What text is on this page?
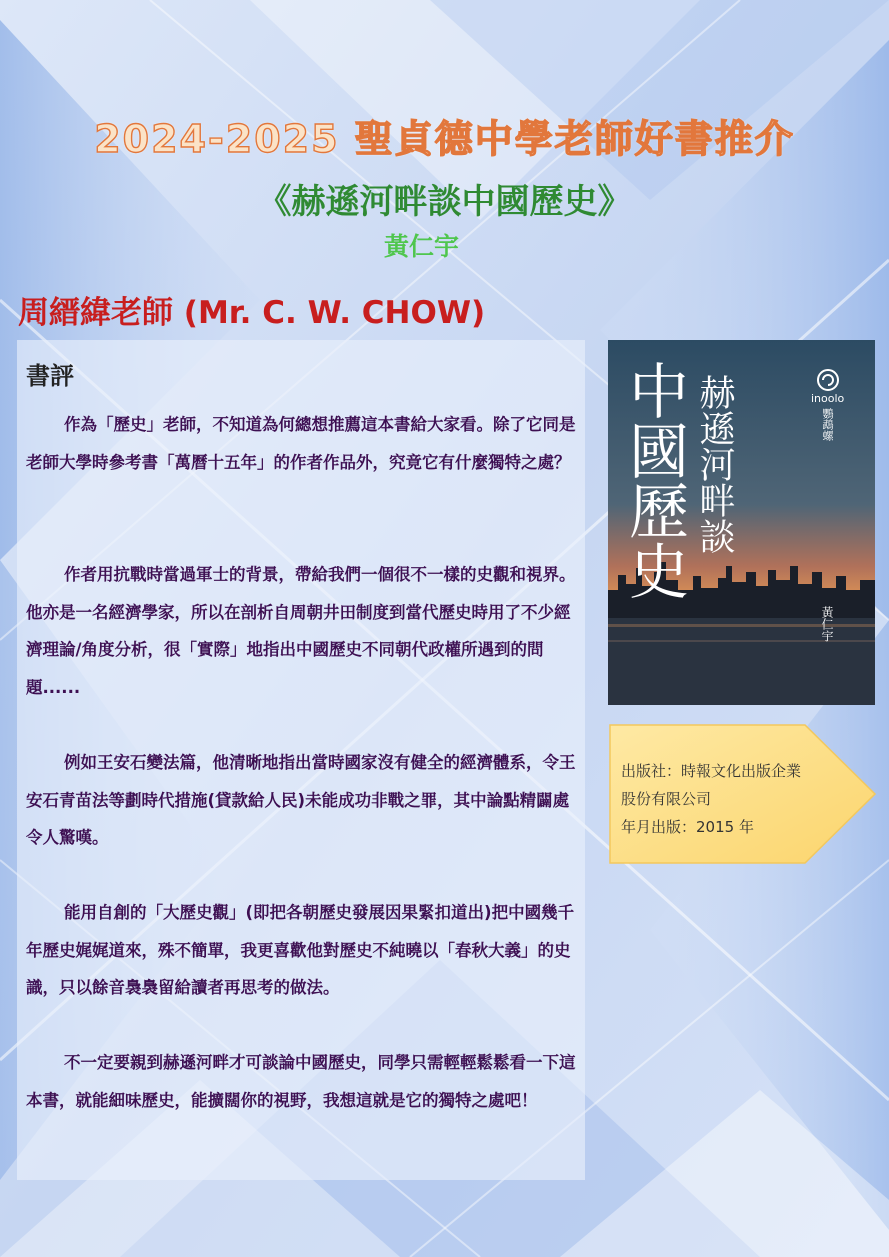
2024-2025 聖貞德中學老師好書推介
《赫遜河畔談中國歷史》
黃仁宇
周縉緯老師 (Mr. C. W. CHOW)
書評

作為「歷史」老師，不知道為何總想推薦這本書給大家看。除了它同是老師大學時參考書「萬曆十五年」的作者作品外，究竟它有什麼獨特之處？

作者用抗戰時當過軍士的背景，帶給我們一個很不一樣的史觀和視界。他亦是一名經濟學家，所以在剖析自周朝井田制度到當代歷史時用了不少經濟理論/角度分析，很「實際」地指出中國歷史不同朝代政權所遇到的問題......

例如王安石變法篇，他清晰地指出當時國家沒有健全的經濟體系，令王安石青苗法等劃時代措施(貸款給人民)未能成功非戰之罪，其中論點精闢處令人驚嘆。

能用自創的「大歷史觀」(即把各朝歷史發展因果緊扣道出)把中國幾千年歷史娓娓道來，殊不簡單，我更喜歡他對歷史不純曉以「春秋大義」的史識，只以餘音裊裊留給讀者再思考的做法。

不一定要親到赫遜河畔才可談論中國歷史，同學只需輕輕鬆鬆看一下這本書，就能細味歷史，能擴闊你的視野，我想這就是它的獨特之處吧！

赫遜河畔談
中國歷史	inoolo
鸚鵡螺
黃仁宇
出版社：時報文化出版企業
股份有限公司
年月出版：2015 年
